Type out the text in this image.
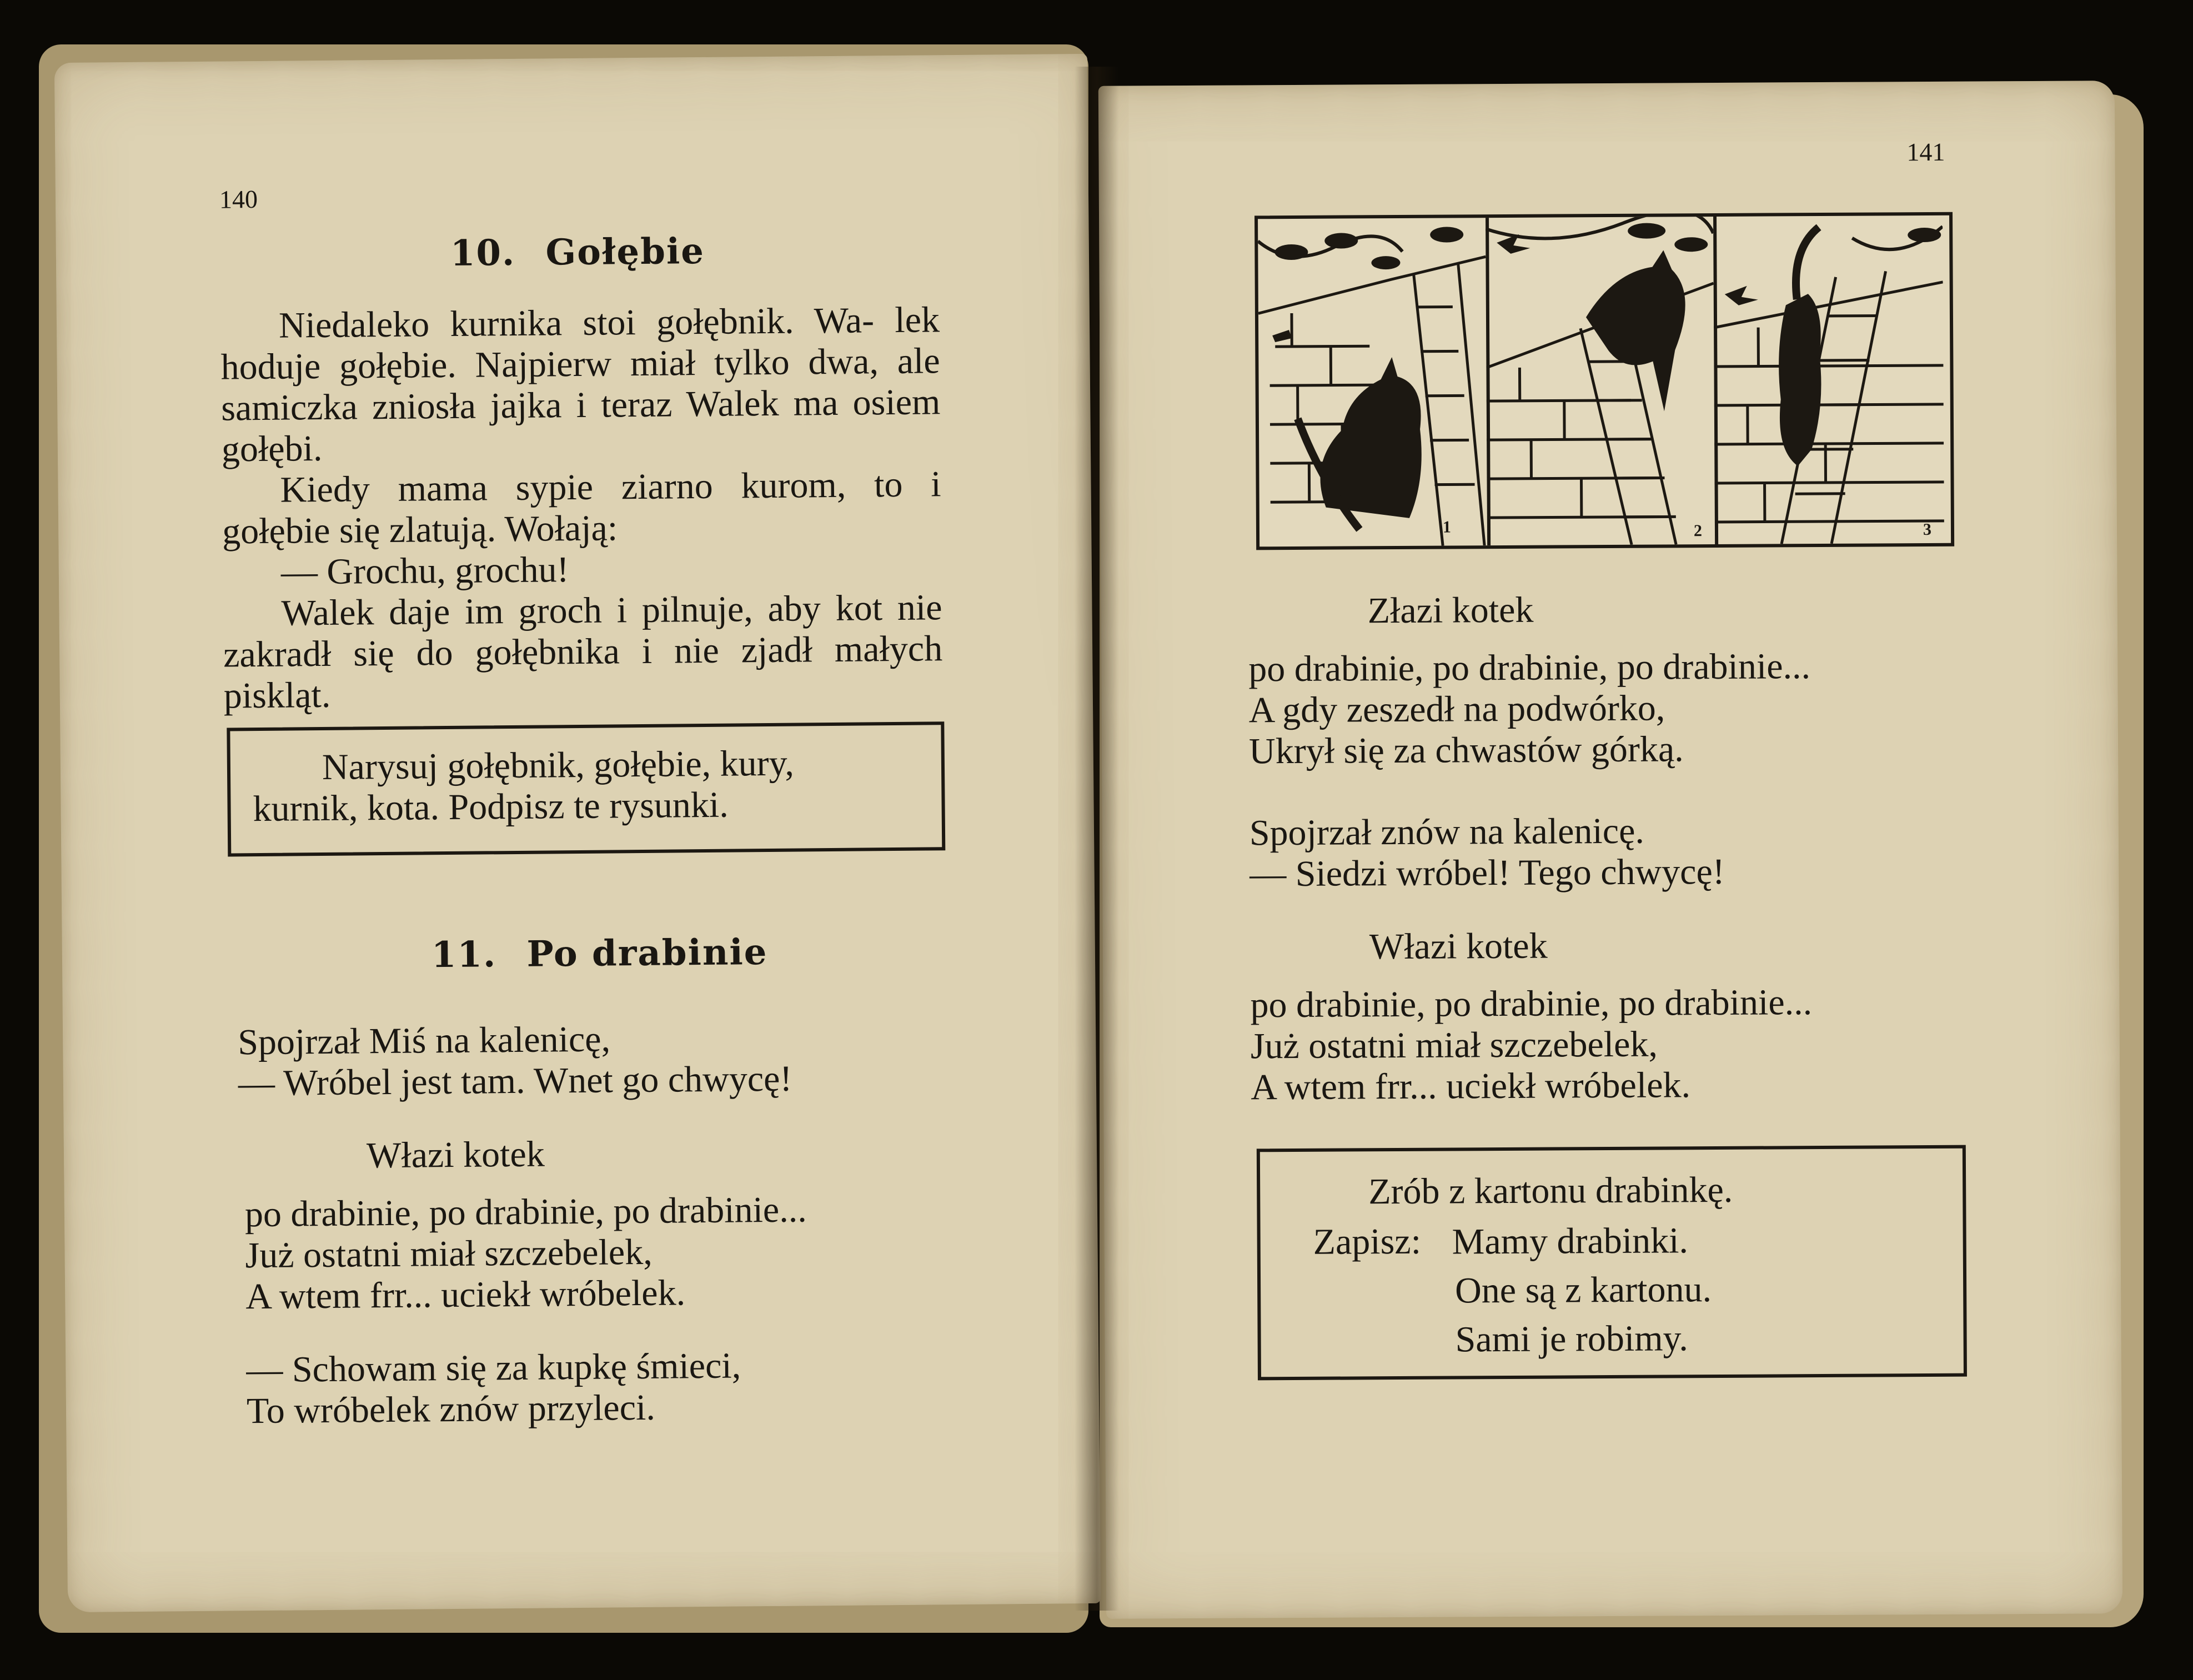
140
10. Gołębie

Niedaleko kurnika stoi gołębnik. Wa- lek hoduje gołębie. Najpierw miał tylko dwa, ale samiczka zniosła jajka i teraz Walek ma osiem gołębi.

Kiedy mama sypie ziarno kurom, to i gołębie się zlatują. Wołają:

— Grochu, grochu!

Walek daje im groch i pilnuje, aby kot nie zakradł się do gołębnika i nie zjadł małych piskląt.

Narysuj gołębnik, gołębie, kury,
kurnik, kota. Podpisz te rysunki.
11. Po drabinie
Spojrzał Miś na kalenicę,
— Wróbel jest tam. Wnet go chwycę!
Włazi kotek
po drabinie, po drabinie, po drabinie...
Już ostatni miał szczebelek,
A wtem frr... uciekł wróbelek.
— Schowam się za kupkę śmieci,
To wróbelek znów przyleci.
141
2	3
1
Złazi kotek
po drabinie, po drabinie, po drabinie...
A gdy zeszedł na podwórko,
Ukrył się za chwastów górką.
Spojrzał znów na kalenicę.
— Siedzi wróbel! Tego chwycę!
Włazi kotek
po drabinie, po drabinie, po drabinie...
Już ostatni miał szczebelek,
A wtem frr... uciekł wróbelek.
Zrób z kartonu drabinkę.
Zapisz: Mamy drabinki.
One są z kartonu.
Sami je robimy.
